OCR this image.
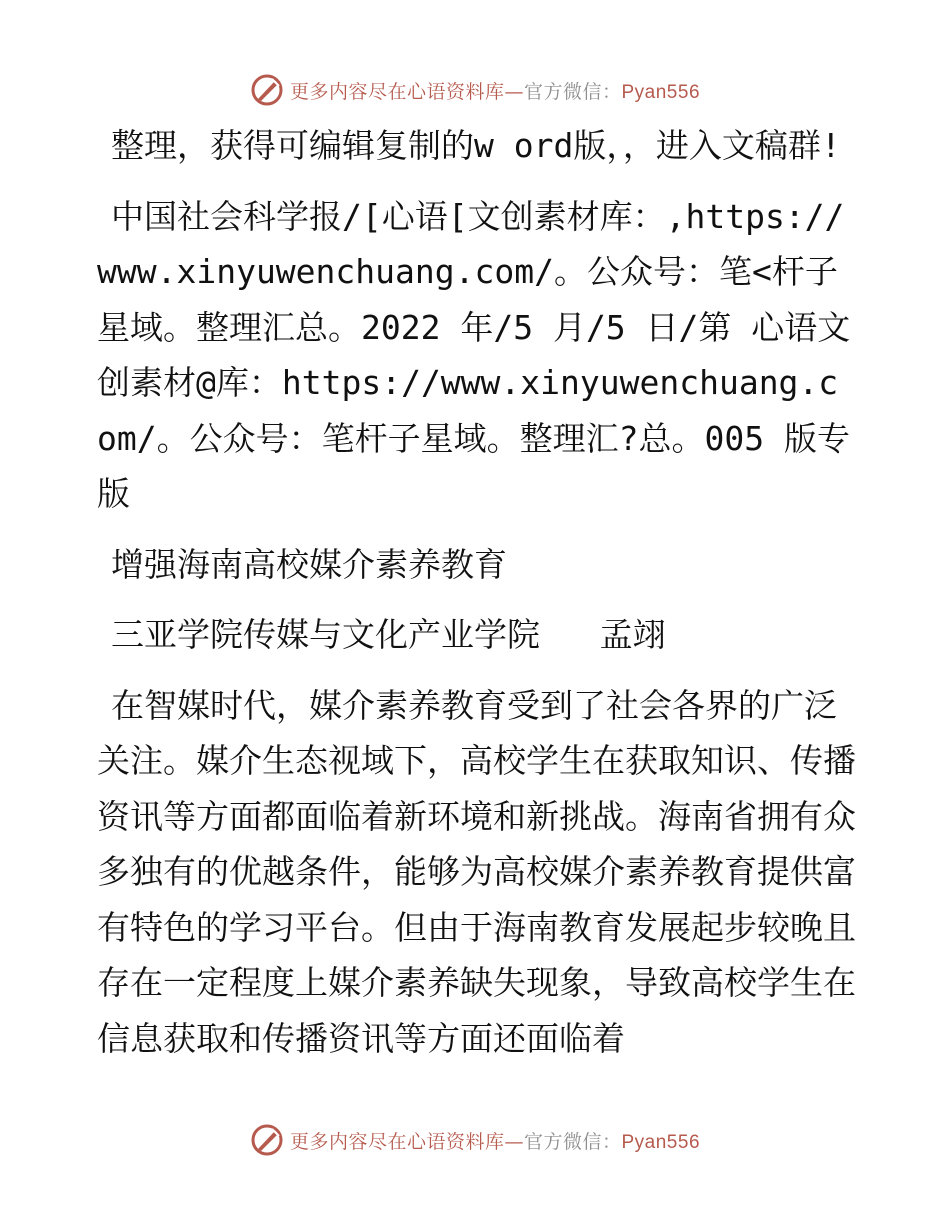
更多内容尽在心语资料库—官方微信：Pyan556

整理，获得可编辑复制的w ord版，，进入文稿群!

中国社会科学报/[心语[文创素材库：,https://www.xinyuwenchuang.com/。公众号：笔<杆子星域。整理汇总。2022 年/5 月/5 日/第 心语文创素材@库：https://www.xinyuwenchuang.com/。公众号：笔杆子星域。整理汇?总。005 版专版

增强海南高校媒介素养教育

三亚学院传媒与文化产业学院   孟翊

在智媒时代，媒介素养教育受到了社会各界的广泛关注。媒介生态视域下，高校学生在获取知识、传播资讯等方面都面临着新环境和新挑战。海南省拥有众多独有的优越条件，能够为高校媒介素养教育提供富有特色的学习平台。但由于海南教育发展起步较晚且存在一定程度上媒介素养缺失现象，导致高校学生在信息获取和传播资讯等方面还面临着

更多内容尽在心语资料库—官方微信：Pyan556
